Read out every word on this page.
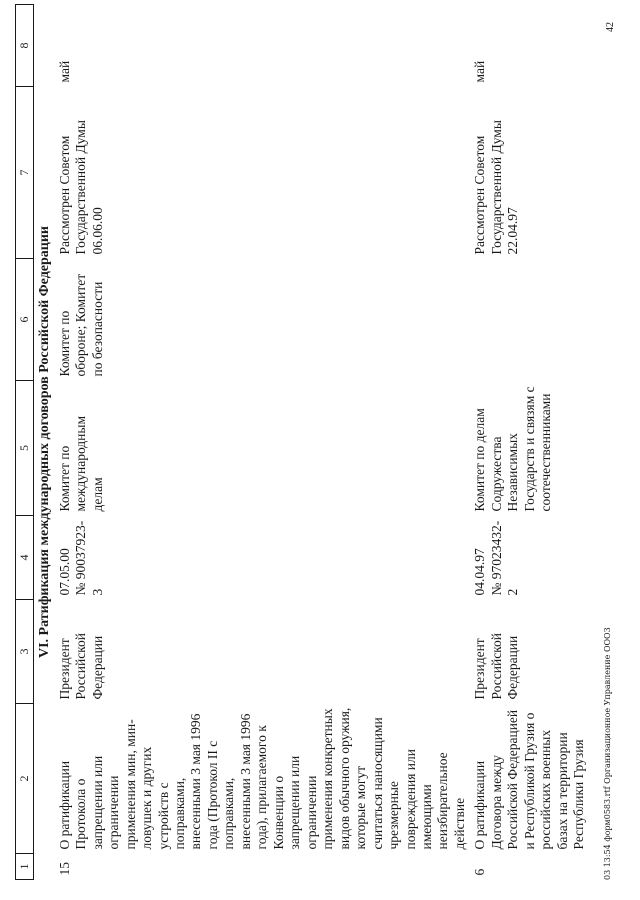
1	2	3	4	5	6	7	8
VI. Ратификация международных договоров Российской Федерации							
15	О ратификации Протокола о запрещении или ограничении применения мин, мин-ловушек и других устройств с поправками, внесенными 3 мая 1996 года (Протокол II с поправками, внесенными 3 мая 1996 года), прилагаемого к Конвенции о запрещении или ограничении применения конкретных видов обычного оружия, которые могут считаться наносящими чрезмерные повреждения или имеющими неизбирательное действие	Президент Российской Федерации	07.05.00 № 90037923-3	Комитет по международным делам	Комитет по обороне; Комитет по безопасности	Рассмотрен Советом Государственной Думы 06.06.00	май
6	О ратификации Договора между Российской Федерацией и Республикой Грузия о российских военных базах на территории Республики Грузия	Президент Российской Федерации	04.04.97 № 97023432-2	Комитет по делам Содружества Независимых Государств и связям с соотечественниками		Рассмотрен Советом Государственной Думы 22.04.97	май
03 13:54 форм0583.rtf Организационное Управление ООО3
42
